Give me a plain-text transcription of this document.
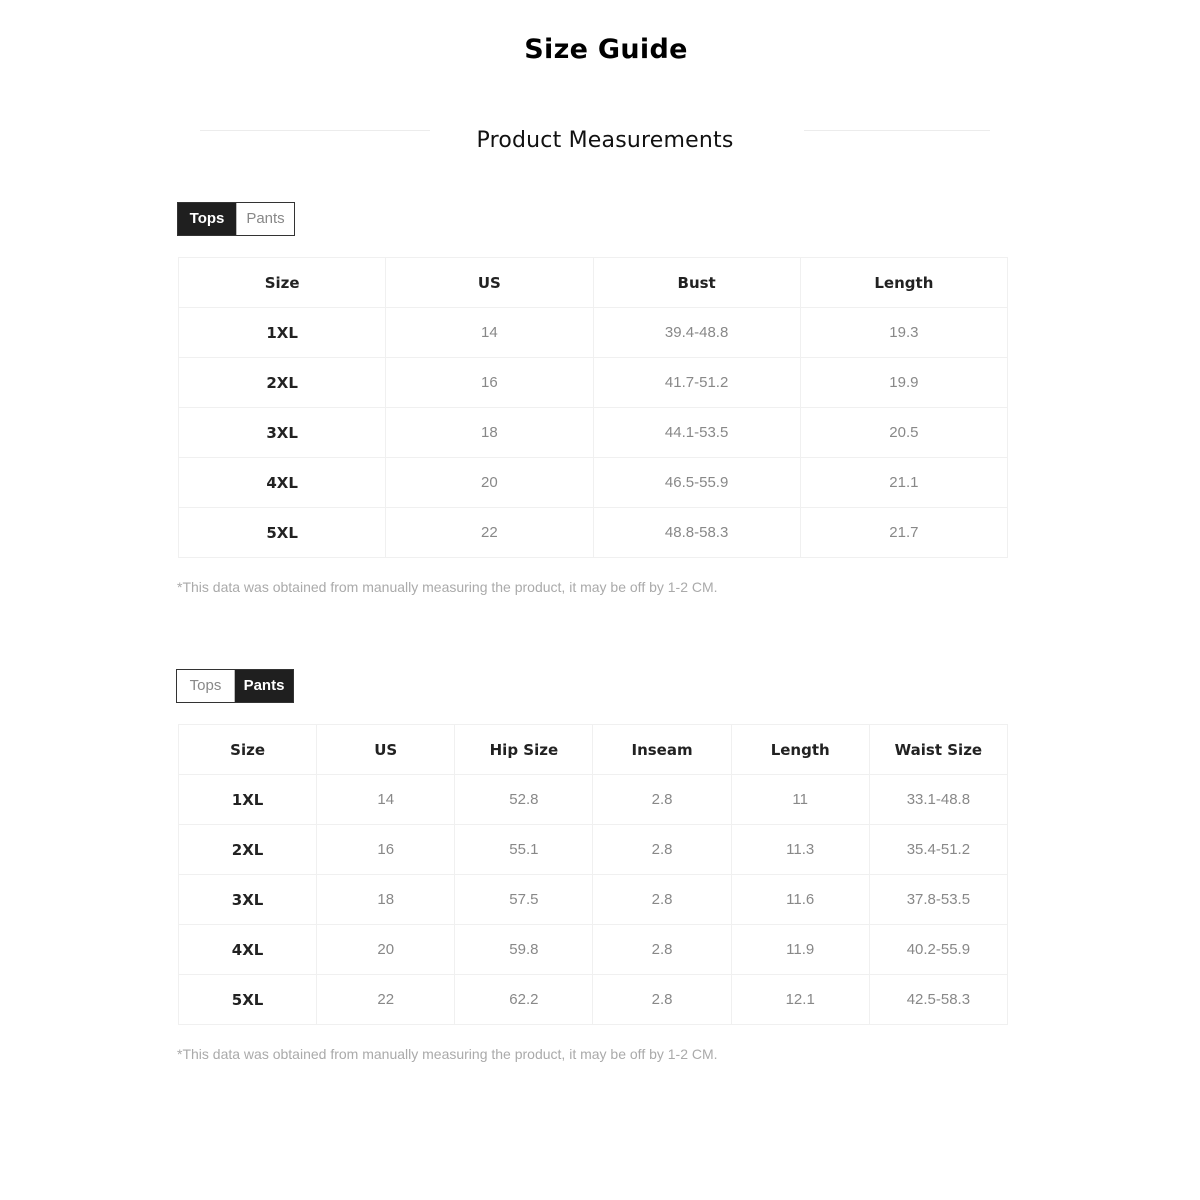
Size Guide
Product Measurements
Tops	Pants
Size	US	Bust	Length
1XL	14	39.4-48.8	19.3
2XL	16	41.7-51.2	19.9
3XL	18	44.1-53.5	20.5
4XL	20	46.5-55.9	21.1
5XL	22	48.8-58.3	21.7
*This data was obtained from manually measuring the product, it may be off by 1-2 CM.
Tops	Pants
Size	US	Hip Size	Inseam	Length	Waist Size
1XL	14	52.8	2.8	11	33.1-48.8
2XL	16	55.1	2.8	11.3	35.4-51.2
3XL	18	57.5	2.8	11.6	37.8-53.5
4XL	20	59.8	2.8	11.9	40.2-55.9
5XL	22	62.2	2.8	12.1	42.5-58.3
*This data was obtained from manually measuring the product, it may be off by 1-2 CM.
